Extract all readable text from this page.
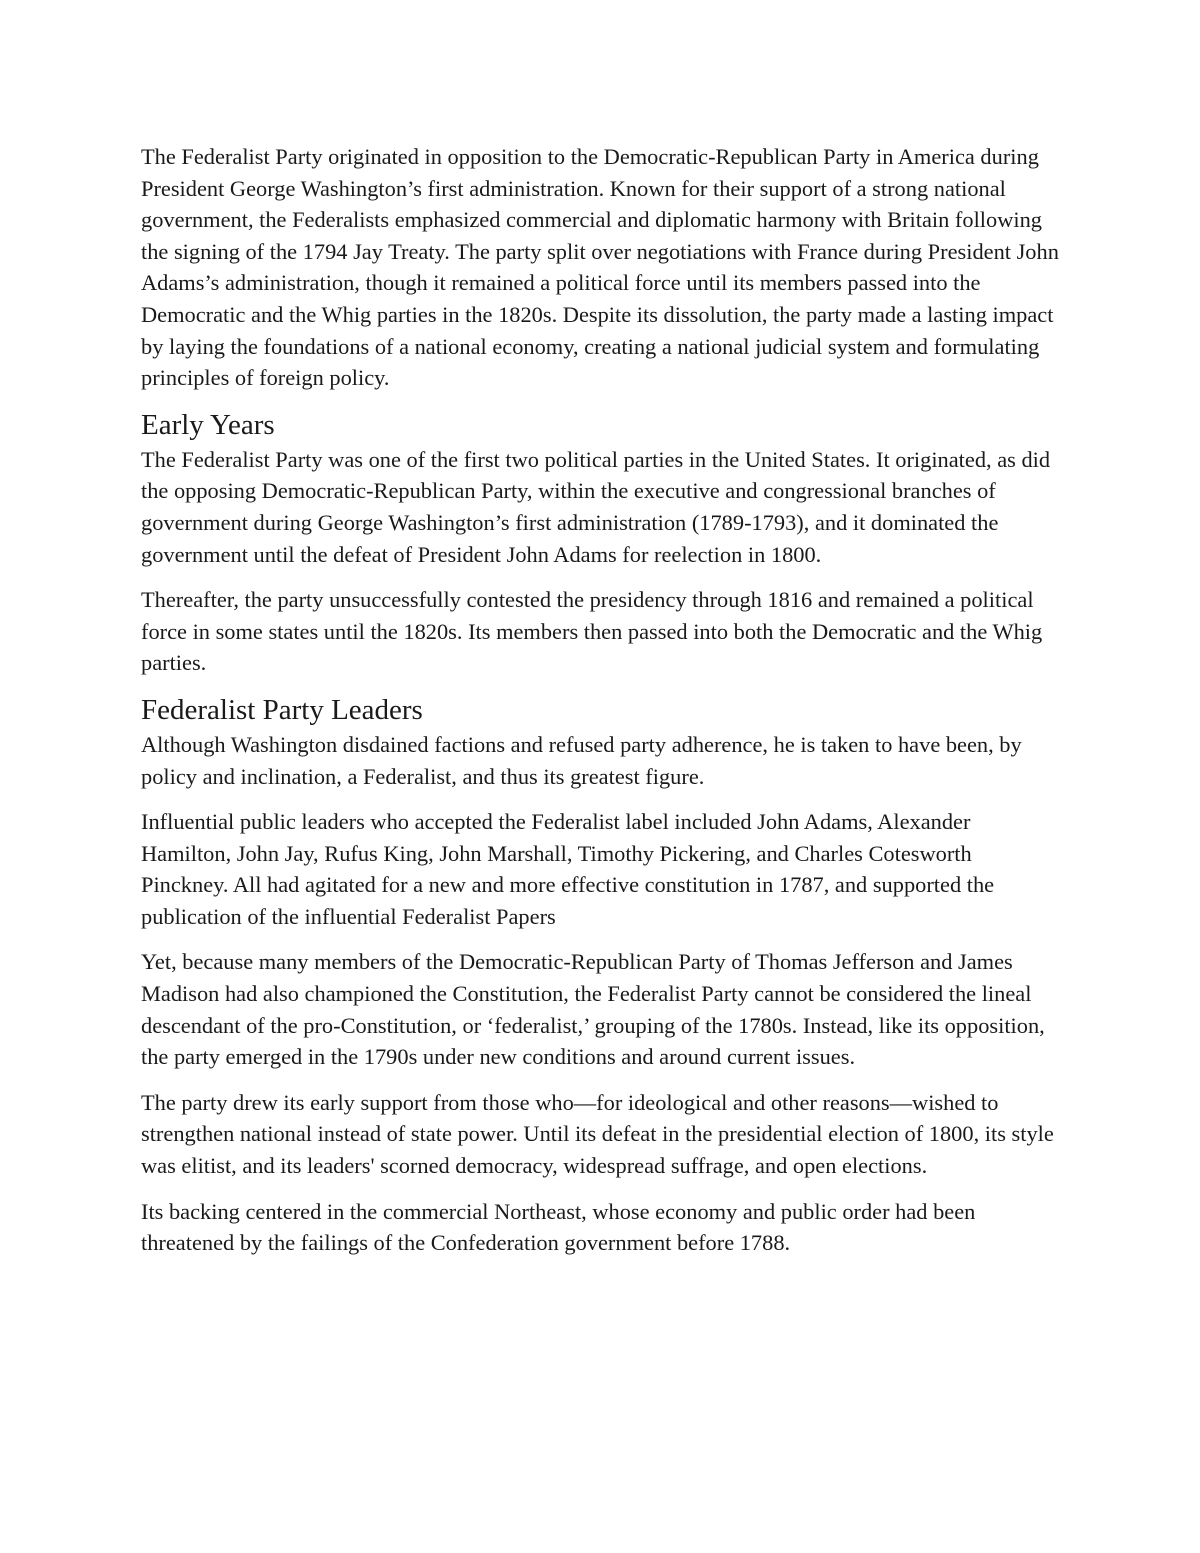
The Federalist Party originated in opposition to the Democratic-Republican Party in America during President George Washington’s first administration. Known for their support of a strong national government, the Federalists emphasized commercial and diplomatic harmony with Britain following the signing of the 1794 Jay Treaty. The party split over negotiations with France during President John Adams’s administration, though it remained a political force until its members passed into the Democratic and the Whig parties in the 1820s. Despite its dissolution, the party made a lasting impact by laying the foundations of a national economy, creating a national judicial system and formulating principles of foreign policy.

Early Years

The Federalist Party was one of the first two political parties in the United States. It originated, as did the opposing Democratic-Republican Party, within the executive and congressional branches of government during George Washington’s first administration (1789-1793), and it dominated the government until the defeat of President John Adams for reelection in 1800.

Thereafter, the party unsuccessfully contested the presidency through 1816 and remained a political force in some states until the 1820s. Its members then passed into both the Democratic and the Whig parties.

Federalist Party Leaders

Although Washington disdained factions and refused party adherence, he is taken to have been, by policy and inclination, a Federalist, and thus its greatest figure.

Influential public leaders who accepted the Federalist label included John Adams, Alexander Hamilton, John Jay, Rufus King, John Marshall, Timothy Pickering, and Charles Cotesworth Pinckney. All had agitated for a new and more effective constitution in 1787, and supported the publication of the influential Federalist Papers

Yet, because many members of the Democratic-Republican Party of Thomas Jefferson and James Madison had also championed the Constitution, the Federalist Party cannot be considered the lineal descendant of the pro-Constitution, or ‘federalist,’ grouping of the 1780s. Instead, like its opposition, the party emerged in the 1790s under new conditions and around current issues.

The party drew its early support from those who—for ideological and other reasons—wished to strengthen national instead of state power. Until its defeat in the presidential election of 1800, its style was elitist, and its leaders' scorned democracy, widespread suffrage, and open elections.

Its backing centered in the commercial Northeast, whose economy and public order had been threatened by the failings of the Confederation government before 1788.
